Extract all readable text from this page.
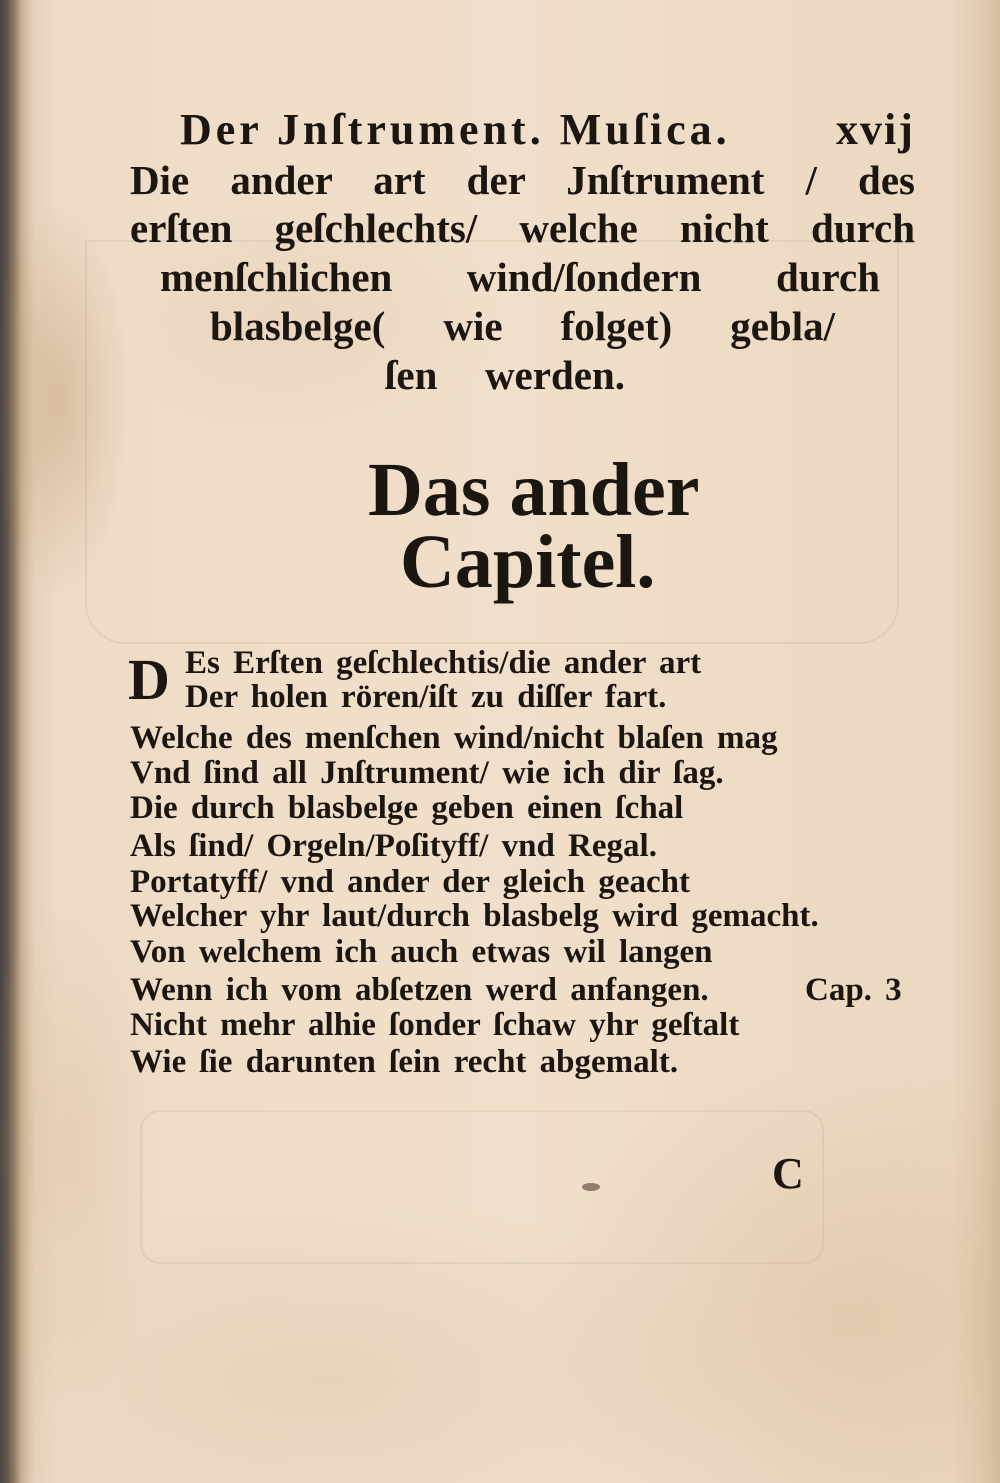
Der Jnſtrument. Muſica. xvij
Die ander art der Jnſtrument / des
erſten geſchlechts/ welche nicht durch
menſchlichen wind/ſondern durch
blasbelge( wie folget) gebla/
ſen werden.
Das ander
Capitel.
D Es Erſten geſchlechtis/die ander art
Der holen rören/iſt zu diſſer fart.
Welche des menſchen wind/nicht blaſen mag
Vnd ſind all Jnſtrument/ wie ich dir ſag.
Die durch blasbelge geben einen ſchal
Als ſind/ Orgeln/Poſityff/ vnd Regal.
Portatyff/ vnd ander der gleich geacht
Welcher yhr laut/durch blasbelg wird gemacht.
Von welchem ich auch etwas wil langen
Wenn ich vom abſetzen werd anfangen.
Nicht mehr alhie ſonder ſchaw yhr geſtalt
Wie ſie darunten ſein recht abgemalt.
Cap. 3
C
